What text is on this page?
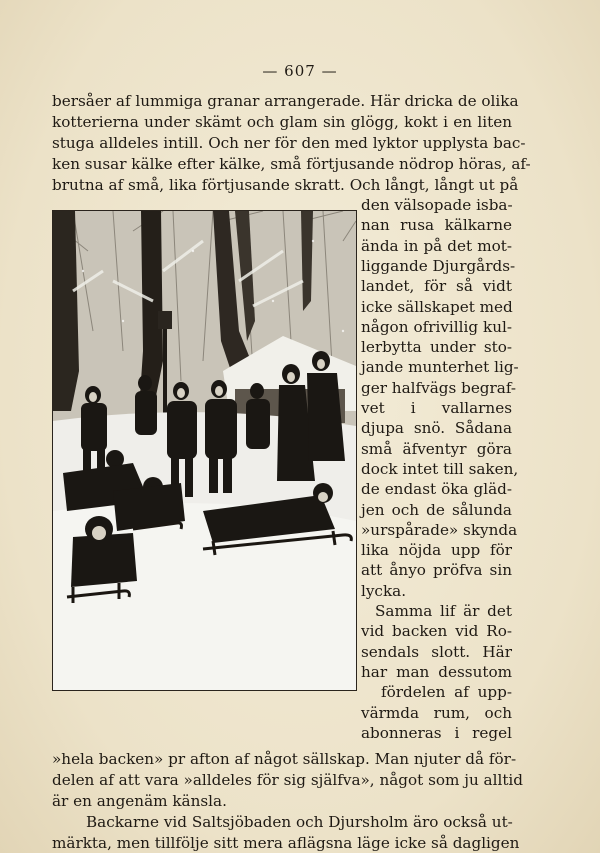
— 607 —
bersåer af lummiga granar arrangerade. Här dricka de olika
kotterierna under skämt och glam sin glögg, kokt i en liten
stuga alldeles intill. Och ner för den med lyktor upplysta bac-
ken susar kälke efter kälke, små förtjusande nödrop höras, af-
brutna af små, lika förtjusande skratt. Och långt, långt ut på
den välsopade isba-
nan rusa kälkarne
ända in på det mot-
liggande Djurgårds-
landet, för så vidt
icke sällskapet med
någon ofrivillig kul-
lerbytta under sto-
jande munterhet lig-
ger halfvägs begraf-
vet i vallarnes
djupa snö. Sådana
små äfventyr göra
dock intet till saken,
de endast öka gläd-
jen och de sålunda
»urspårade» skynda
lika nöjda upp för
att ånyo pröfva sin
lycka.
Samma lif är det
vid backen vid Ro-
sendals slott. Här
har man dessutom
fördelen af upp-
värmda rum, och
abonneras i regel
»hela backen» pr afton af något sällskap. Man njuter då för-
delen af att vara »alldeles för sig själfva», något som ju alltid
är en angenäm känsla.
Backarne vid Saltsjöbaden och Djursholm äro också ut-
märkta, men tillfölje sitt mera aflägsna läge icke så dagligen
